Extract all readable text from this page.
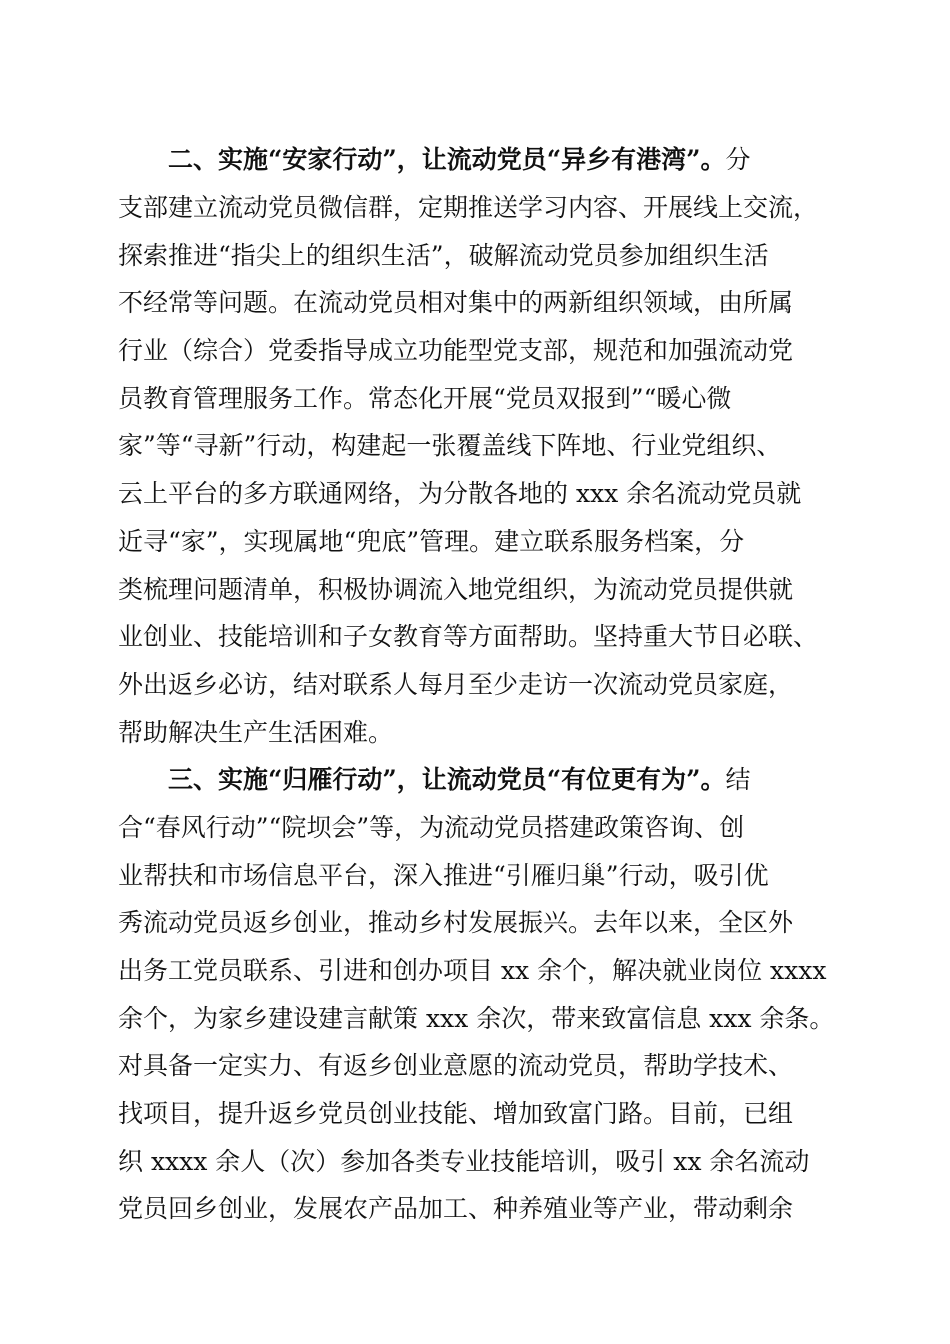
二、实施“安家行动”，让流动党员“异乡有港湾”。分
支部建立流动党员微信群，定期推送学习内容、开展线上交流，
探索推进“指尖上的组织生活”，破解流动党员参加组织生活
不经常等问题。在流动党员相对集中的两新组织领域，由所属
行业（综合）党委指导成立功能型党支部，规范和加强流动党
员教育管理服务工作。常态化开展“党员双报到”“暖心微
家”等“寻新”行动，构建起一张覆盖线下阵地、行业党组织、
云上平台的多方联通网络，为分散各地的 xxx 余名流动党员就
近寻“家”，实现属地“兜底”管理。建立联系服务档案，分
类梳理问题清单，积极协调流入地党组织，为流动党员提供就
业创业、技能培训和子女教育等方面帮助。坚持重大节日必联、
外出返乡必访，结对联系人每月至少走访一次流动党员家庭，
帮助解决生产生活困难。
三、实施“归雁行动”，让流动党员“有位更有为”。结
合“春风行动”“院坝会”等，为流动党员搭建政策咨询、创
业帮扶和市场信息平台，深入推进“引雁归巢”行动，吸引优
秀流动党员返乡创业，推动乡村发展振兴。去年以来，全区外
出务工党员联系、引进和创办项目 xx 余个，解决就业岗位 xxxx
余个，为家乡建设建言献策 xxx 余次，带来致富信息 xxx 余条。
对具备一定实力、有返乡创业意愿的流动党员，帮助学技术、
找项目，提升返乡党员创业技能、增加致富门路。目前，已组
织 xxxx 余人（次）参加各类专业技能培训，吸引 xx 余名流动
党员回乡创业，发展农产品加工、种养殖业等产业，带动剩余
